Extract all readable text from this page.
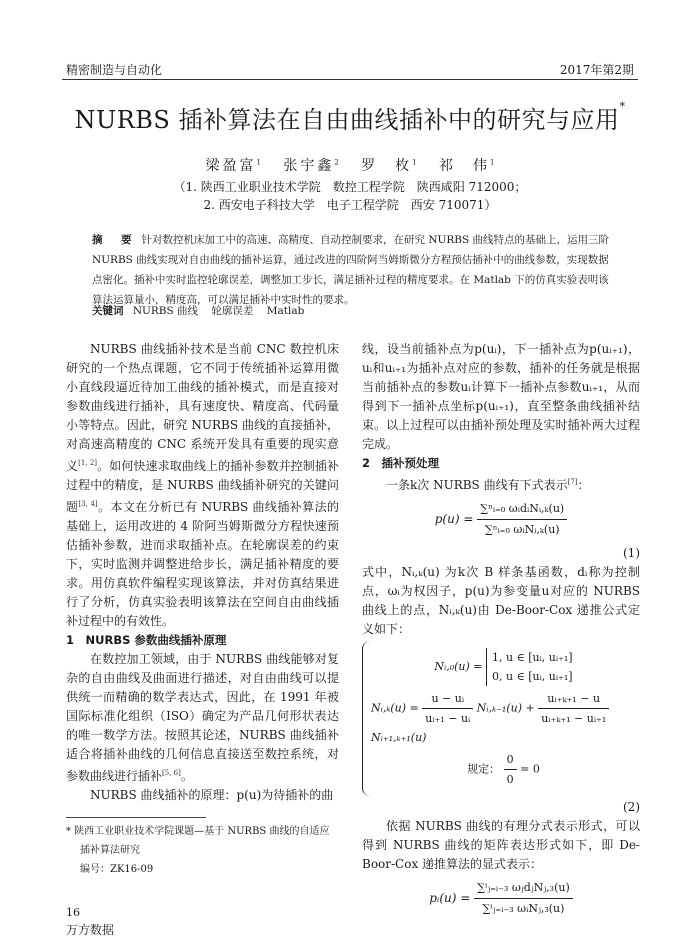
精密制造与自动化	2017年第2期
NURBS 插补算法在自由曲线插补中的研究与应用*
梁盈富$^1$ 张宇鑫$^2$ 罗　枚$^1$ 祁　伟$^1$
（1. 陕西工业职业技术学院　数控工程学院　陕西咸阳 712000；
2. 西安电子科技大学　电子工程学院　西安 710071）
摘　要 针对数控机床加工中的高速、高精度、自动控制要求，在研究 NURBS 曲线特点的基础上，运用三阶 NURBS 曲线实现对自由曲线的插补运算，通过改进的四阶阿当姆斯微分方程预估插补中的曲线参数，实现数据点密化。插补中实时监控轮廓误差，调整加工步长，满足插补过程的精度要求。在 Matlab 下的仿真实验表明该算法运算量小，精度高，可以满足插补中实时性的要求。
关键词 NURBS 曲线 轮廓误差 Matlab

NURBS 曲线插补技术是当前 CNC 数控机床研究的一个热点课题，它不同于传统插补运算用微小直线段逼近待加工曲线的插补模式，而是直接对参数曲线进行插补，具有速度快、精度高、代码量小等特点。因此，研究 NURBS 曲线的直接插补，对高速高精度的 CNC 系统开发具有重要的现实意义[1, 2]。如何快速求取曲线上的插补参数并控制插补过程中的精度，是 NURBS 曲线插补研究的关键问题[3, 4]。本文在分析已有 NURBS 曲线插补算法的基础上，运用改进的 4 阶阿当姆斯微分方程快速预估插补参数，进而求取插补点。在轮廓误差的约束下，实时监测并调整进给步长，满足插补精度的要求。用仿真软件编程实现该算法，并对仿真结果进行了分析，仿真实验表明该算法在空间自由曲线插补过程中的有效性。

1　NURBS 参数曲线插补原理

在数控加工领域，由于 NURBS 曲线能够对复杂的自由曲线及曲面进行描述，对自由曲线可以提供统一而精确的数学表达式，因此，在 1991 年被国际标准化组织（ISO）确定为产品几何形状表达的唯一数学方法。按照其论述，NURBS 曲线插补适合将插补曲线的几何信息直接送至数控系统，对参数曲线进行插补[5, 6]。

NURBS 曲线插补的原理：p(u)为待插补的曲

线，设当前插补点为p(uᵢ)，下一插补点为p(uᵢ₊₁)，uᵢ和uᵢ₊₁为插补点对应的参数，插补的任务就是根据当前插补点的参数uᵢ计算下一插补点参数uᵢ₊₁，从而得到下一插补点坐标p(uᵢ₊₁)，直至整条曲线插补结束。以上过程可以由插补预处理及实时插补两大过程完成。

2　插补预处理

一条k次 NURBS 曲线有下式表示[7]：

$p(u) = \frac{\text{∑ⁿᵢ₌₀ ωᵢdᵢNᵢ,ₖ(u)}}{\text{∑ⁿᵢ₌₀ ωᵢNᵢ,ₖ(u)}}$
(1)

式中，Nᵢ,ₖ(u) 为k次 B 样条基函数，dᵢ称为控制点，ωᵢ为权因子，p(u)为参变量u对应的 NURBS 曲线上的点，Nᵢ,ₖ(u)由 De-Boor-Cox 递推公式定义如下：

Nᵢ,₀(u) =
1, u ∈ [uᵢ, uᵢ₊₁]
0, u ∈ [uᵢ, uᵢ₊₁]
Nᵢ,ₖ(u) = $\frac{\text{u − uᵢ}}{\text{uᵢ₊₁ − uᵢ}}$ Nᵢ,ₖ₋₁(u) + $\frac{\text{uᵢ₊ₖ₊₁ − u}}{\text{uᵢ₊ₖ₊₁ − uᵢ₊₁}}$
Nᵢ₊₁,ₖ₊₁(u)
规定： $\frac{0}{0} = 0$
(2)

依据 NURBS 曲线的有理分式表示形式，可以得到 NURBS 曲线的矩阵表达形式如下，即 De-Boor-Cox 递推算法的显式表示：

pᵢ(u) = $\frac{\text{∑ⁱⱼ₌ᵢ₋₃ ωⱼdⱼNⱼ,₃(u)}}{\text{∑ⁱⱼ₌ᵢ₋₃ ωᵢNⱼ,₃(u)}}$
* 陕西工业职业技术学院课题—基于 NURBS 曲线的自适应
插补算法研究
编号：ZK16-09
16
万方数据
